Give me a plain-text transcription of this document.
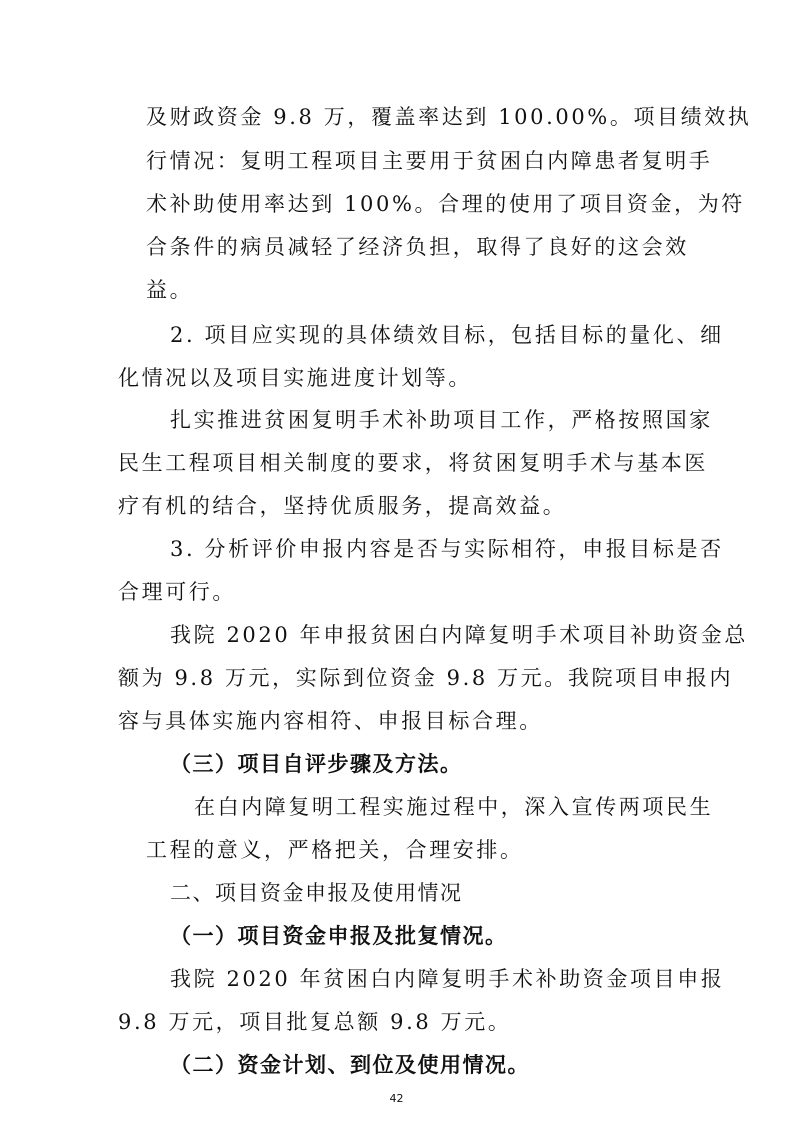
及财政资金 9.8 万，覆盖率达到 100.00%。项目绩效执
行情况：复明工程项目主要用于贫困白内障患者复明手
术补助使用率达到 100%。合理的使用了项目资金，为符
合条件的病员减轻了经济负担，取得了良好的这会效
益。
2. 项目应实现的具体绩效目标，包括目标的量化、细
化情况以及项目实施进度计划等。
扎实推进贫困复明手术补助项目工作，严格按照国家
民生工程项目相关制度的要求，将贫困复明手术与基本医
疗有机的结合，坚持优质服务，提高效益。
3. 分析评价申报内容是否与实际相符，申报目标是否
合理可行。
我院 2020 年申报贫困白内障复明手术项目补助资金总
额为 9.8 万元，实际到位资金 9.8 万元。我院项目申报内
容与具体实施内容相符、申报目标合理。
（三）项目自评步骤及方法。
在白内障复明工程实施过程中，深入宣传两项民生
工程的意义，严格把关，合理安排。
二、项目资金申报及使用情况
（一）项目资金申报及批复情况。
我院 2020 年贫困白内障复明手术补助资金项目申报
9.8 万元，项目批复总额 9.8 万元。
（二）资金计划、到位及使用情况。
42
